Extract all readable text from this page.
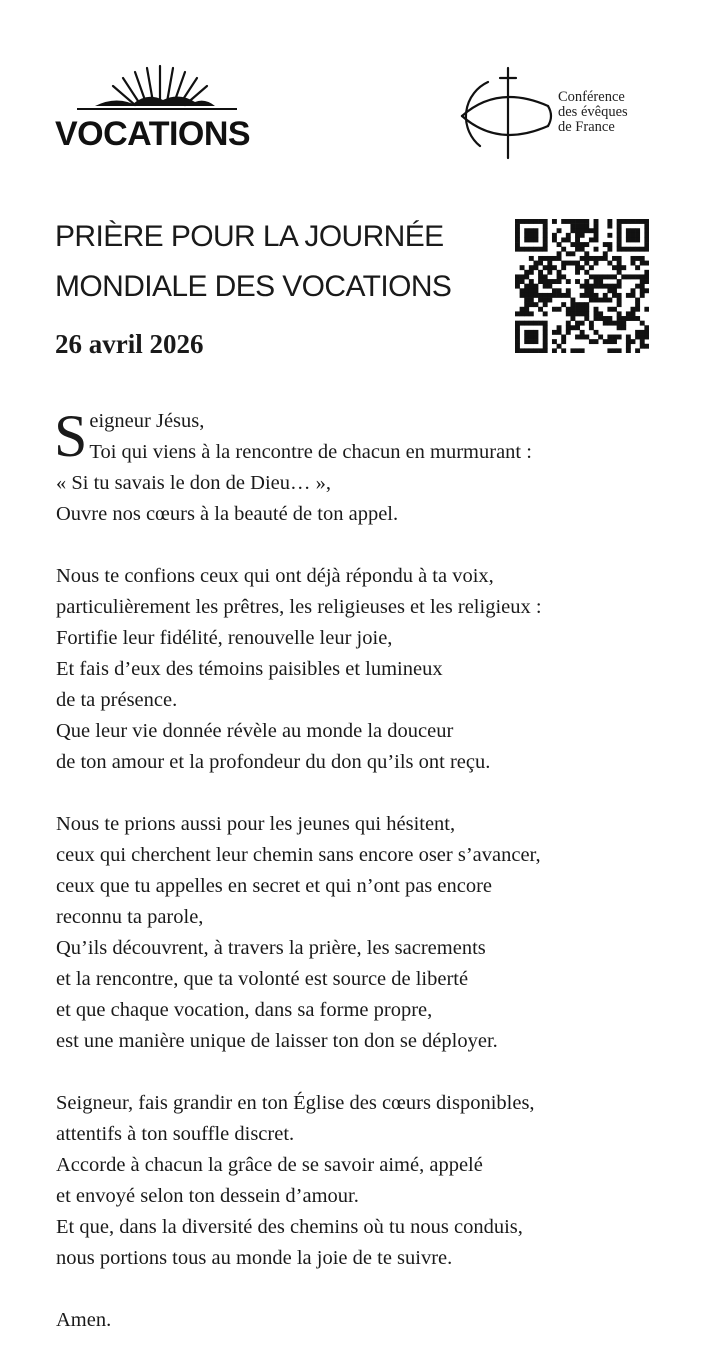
VOCATIONS
Conférence
des évêques
de France
PRIÈRE POUR LA JOURNÉE
MONDIALE DES VOCATIONS
26 avril 2026
S eigneur Jésus,
Toi qui viens à la rencontre de chacun en murmurant :
« Si tu savais le don de Dieu… »,
Ouvre nos cœurs à la beauté de ton appel.
Nous te confions ceux qui ont déjà répondu à ta voix,
particulièrement les prêtres, les religieuses et les religieux :
Fortifie leur fidélité, renouvelle leur joie,
Et fais d’eux des témoins paisibles et lumineux
de ta présence.
Que leur vie donnée révèle au monde la douceur
de ton amour et la profondeur du don qu’ils ont reçu.
Nous te prions aussi pour les jeunes qui hésitent,
ceux qui cherchent leur chemin sans encore oser s’avancer,
ceux que tu appelles en secret et qui n’ont pas encore
reconnu ta parole,
Qu’ils découvrent, à travers la prière, les sacrements
et la rencontre, que ta volonté est source de liberté
et que chaque vocation, dans sa forme propre,
est une manière unique de laisser ton don se déployer.
Seigneur, fais grandir en ton Église des cœurs disponibles,
attentifs à ton souffle discret.
Accorde à chacun la grâce de se savoir aimé, appelé
et envoyé selon ton dessein d’amour.
Et que, dans la diversité des chemins où tu nous conduis,
nous portions tous au monde la joie de te suivre.
Amen.
